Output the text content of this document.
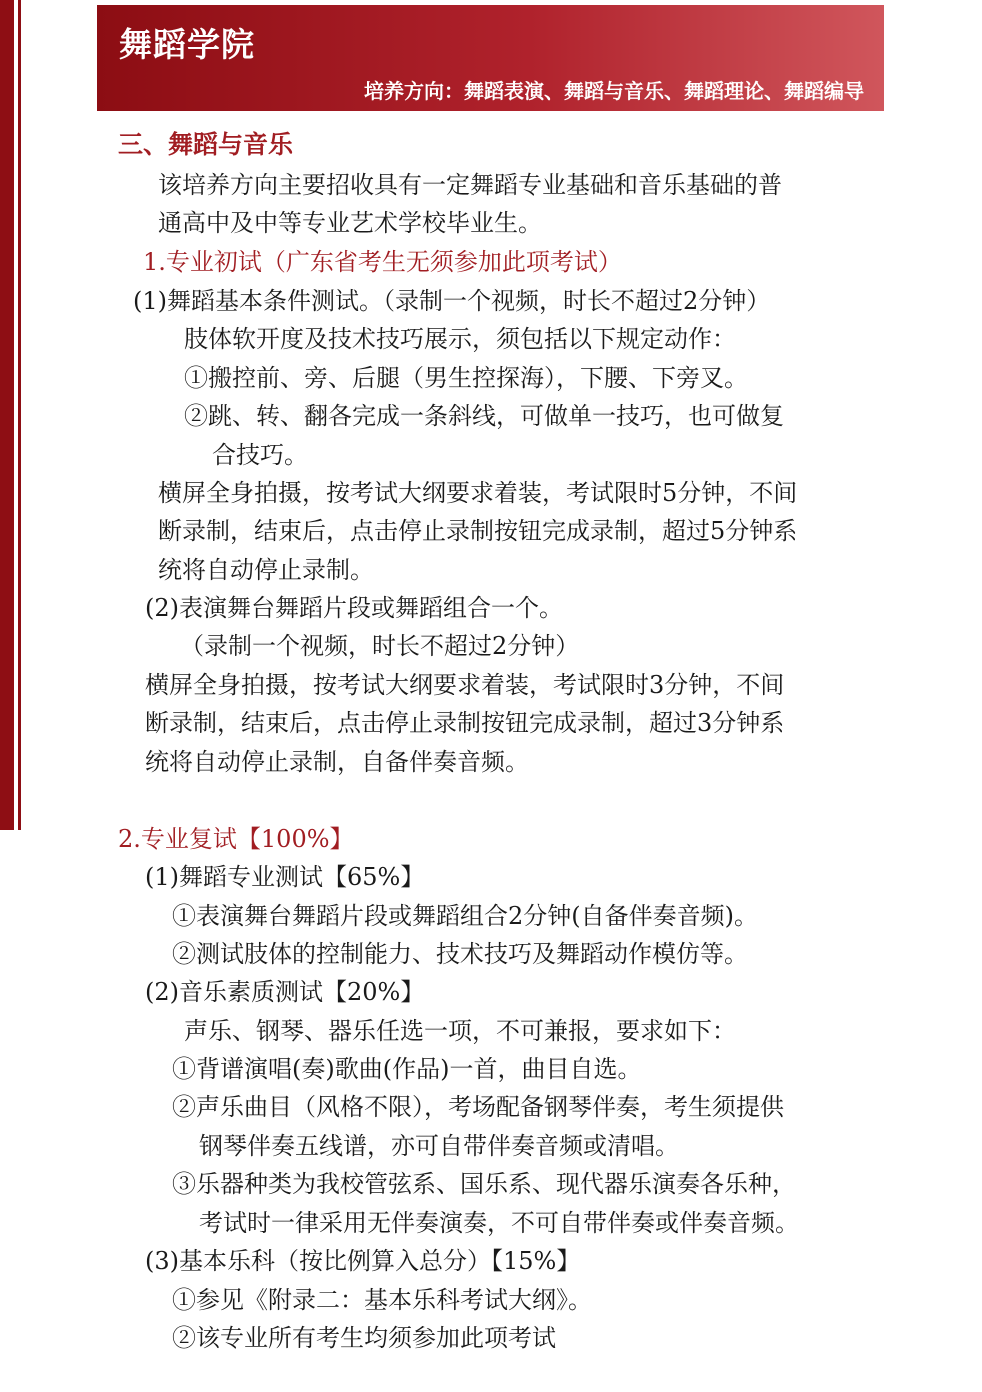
舞蹈学院
培养方向：舞蹈表演、舞蹈与音乐、舞蹈理论、舞蹈编导
三、舞蹈与音乐
该培养方向主要招收具有一定舞蹈专业基础和音乐基础的普
通高中及中等专业艺术学校毕业生。
1.专业初试（广东省考生无须参加此项考试）
(1)舞蹈基本条件测试。（录制一个视频，时长不超过2分钟）
肢体软开度及技术技巧展示，须包括以下规定动作：
①搬控前、旁、后腿（男生控探海），下腰、下旁叉。
②跳、转、翻各完成一条斜线，可做单一技巧，也可做复
合技巧。
横屏全身拍摄，按考试大纲要求着装，考试限时5分钟，不间
断录制，结束后，点击停止录制按钮完成录制，超过5分钟系
统将自动停止录制。
(2)表演舞台舞蹈片段或舞蹈组合一个。
（录制一个视频，时长不超过2分钟）
横屏全身拍摄，按考试大纲要求着装，考试限时3分钟，不间
断录制，结束后，点击停止录制按钮完成录制，超过3分钟系
统将自动停止录制，自备伴奏音频。
2.专业复试【100%】
(1)舞蹈专业测试【65%】
①表演舞台舞蹈片段或舞蹈组合2分钟(自备伴奏音频)。
②测试肢体的控制能力、技术技巧及舞蹈动作模仿等。
(2)音乐素质测试【20%】
声乐、钢琴、器乐任选一项，不可兼报，要求如下：
①背谱演唱(奏)歌曲(作品)一首，曲目自选。
②声乐曲目（风格不限），考场配备钢琴伴奏，考生须提供
钢琴伴奏五线谱，亦可自带伴奏音频或清唱。
③乐器种类为我校管弦系、国乐系、现代器乐演奏各乐种，
考试时一律采用无伴奏演奏，不可自带伴奏或伴奏音频。
(3)基本乐科（按比例算入总分）【15%】
①参见《附录二：基本乐科考试大纲》。
②该专业所有考生均须参加此项考试
